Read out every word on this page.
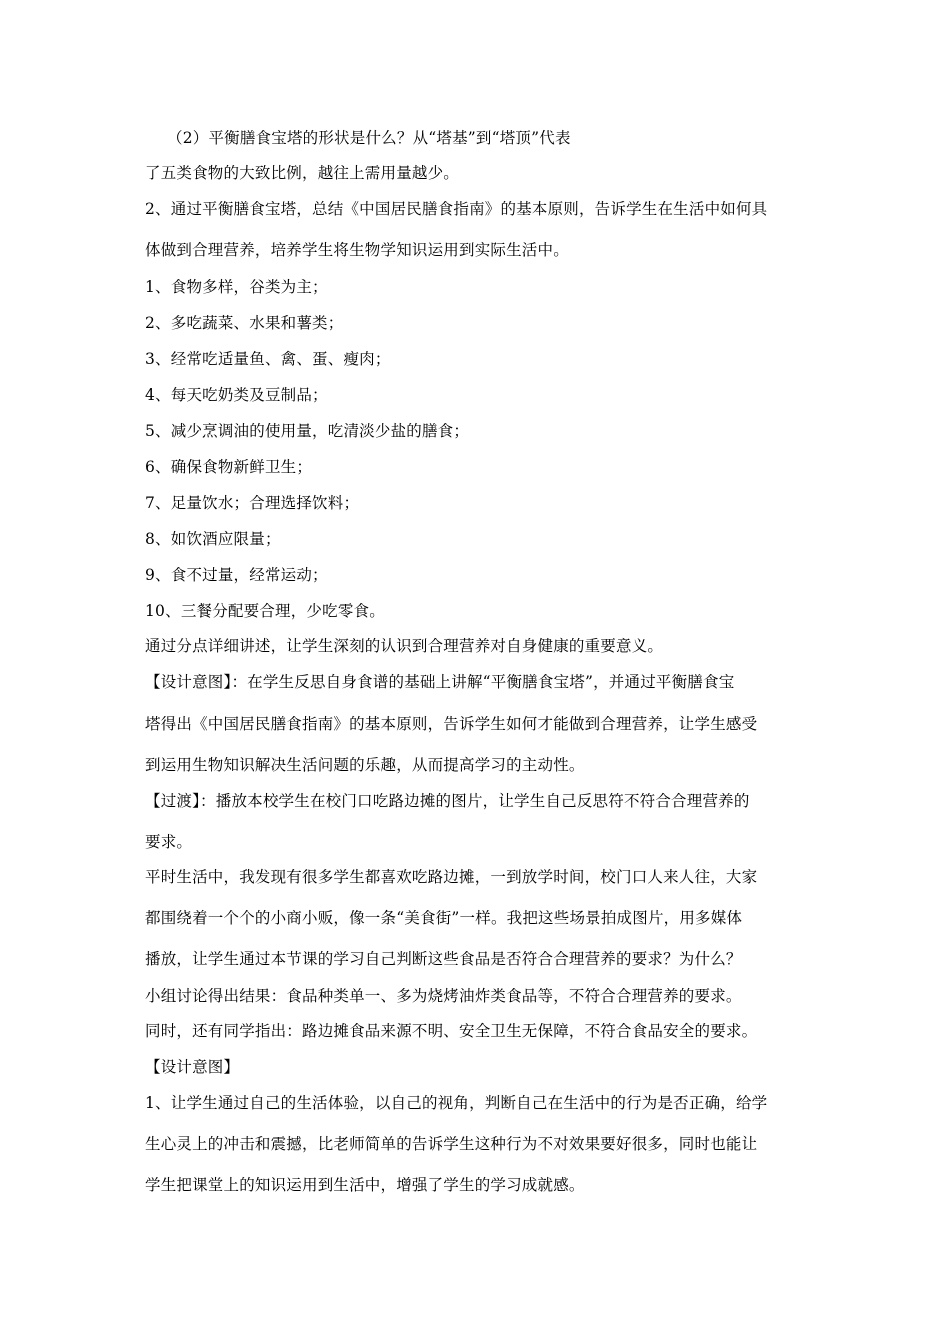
（2）平衡膳食宝塔的形状是什么？从“塔基”到“塔顶”代表
了五类食物的大致比例，越往上需用量越少。
2、通过平衡膳食宝塔，总结《中国居民膳食指南》的基本原则，告诉学生在生活中如何具
体做到合理营养，培养学生将生物学知识运用到实际生活中。
1、食物多样，谷类为主；
2、多吃蔬菜、水果和薯类；
3、经常吃适量鱼、禽、蛋、瘦肉；
4、每天吃奶类及豆制品；
5、减少烹调油的使用量，吃清淡少盐的膳食；
6、确保食物新鲜卫生；
7、足量饮水；合理选择饮料；
8、如饮酒应限量；
9、食不过量，经常运动；
10、三餐分配要合理，少吃零食。
通过分点详细讲述，让学生深刻的认识到合理营养对自身健康的重要意义。
【设计意图】：在学生反思自身食谱的基础上讲解“平衡膳食宝塔”，并通过平衡膳食宝
塔得出《中国居民膳食指南》的基本原则，告诉学生如何才能做到合理营养，让学生感受
到运用生物知识解决生活问题的乐趣，从而提高学习的主动性。
【过渡】：播放本校学生在校门口吃路边摊的图片，让学生自己反思符不符合合理营养的
要求。
平时生活中，我发现有很多学生都喜欢吃路边摊，一到放学时间，校门口人来人往，大家
都围绕着一个个的小商小贩，像一条“美食街”一样。我把这些场景拍成图片，用多媒体
播放，让学生通过本节课的学习自己判断这些食品是否符合合理营养的要求？为什么？
小组讨论得出结果：食品种类单一、多为烧烤油炸类食品等，不符合合理营养的要求。
同时，还有同学指出：路边摊食品来源不明、安全卫生无保障，不符合食品安全的要求。
【设计意图】
1、让学生通过自己的生活体验，以自己的视角，判断自己在生活中的行为是否正确，给学
生心灵上的冲击和震撼，比老师简单的告诉学生这种行为不对效果要好很多，同时也能让
学生把课堂上的知识运用到生活中，增强了学生的学习成就感。
